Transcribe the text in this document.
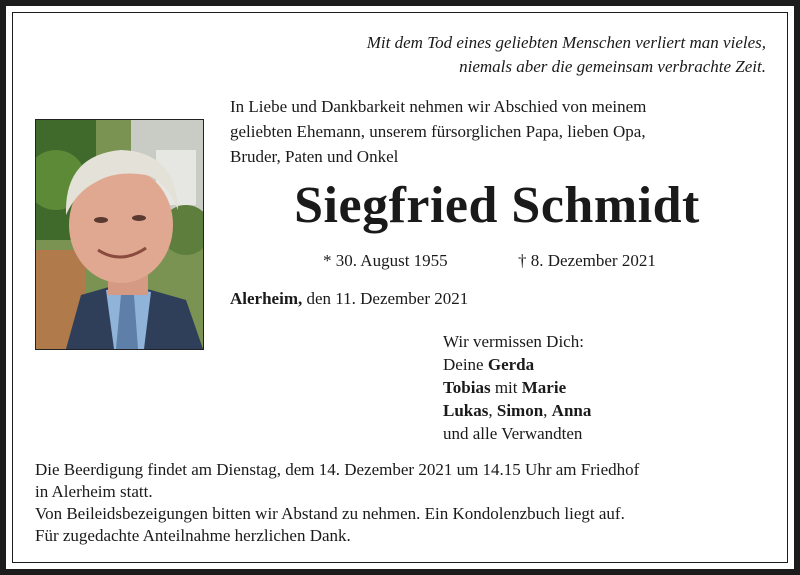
Mit dem Tod eines geliebten Menschen verliert man vieles,
niemals aber die gemeinsam verbrachte Zeit.
In Liebe und Dankbarkeit nehmen wir Abschied von meinem
geliebten Ehemann, unserem fürsorglichen Papa, lieben Opa,
Bruder, Paten und Onkel
Siegfried Schmidt
* 30. August 1955	† 8. Dezember 2021
Alerheim, den 11. Dezember 2021
Wir vermissen Dich:
Deine Gerda
Tobias mit Marie
Lukas, Simon, Anna
und alle Verwandten
Die Beerdigung findet am Dienstag, dem 14. Dezember 2021 um 14.15 Uhr am Friedhof
in Alerheim statt.
Von Beileidsbezeigungen bitten wir Abstand zu nehmen. Ein Kondolenzbuch liegt auf.
Für zugedachte Anteilnahme herzlichen Dank.
